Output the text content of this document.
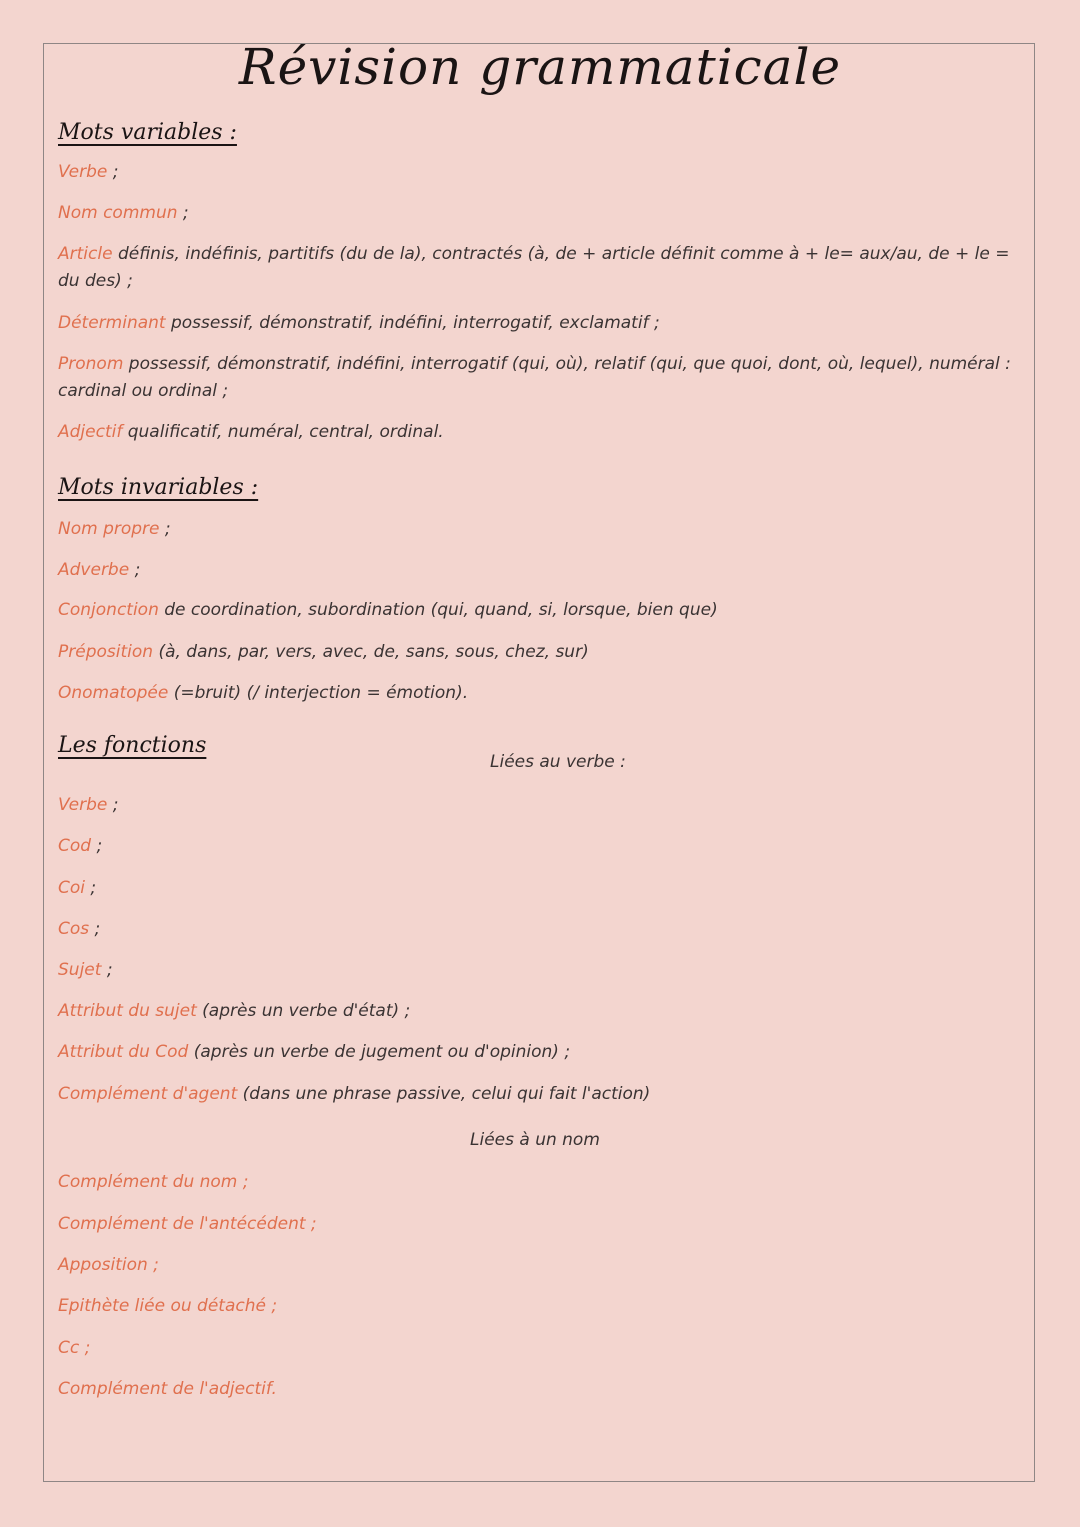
Révision grammaticale
Mots variables :
Verbe ;
Nom commun ;
Article définis, indéfinis, partitifs (du de la), contractés (à, de + article définit comme à + le= aux/au, de + le = du des) ;
Déterminant possessif, démonstratif, indéfini, interrogatif, exclamatif ;
Pronom possessif, démonstratif, indéfini, interrogatif (qui, où), relatif (qui, que quoi, dont, où, lequel), numéral : cardinal ou ordinal ;
Adjectif qualificatif, numéral, central, ordinal.
Mots invariables :
Nom propre ;
Adverbe ;
Conjonction de coordination, subordination (qui, quand, si, lorsque, bien que)
Préposition (à, dans, par, vers, avec, de, sans, sous, chez, sur)
Onomatopée (=bruit) (/ interjection = émotion).
Les fonctions
Liées au verbe :
Verbe ;
Cod ;
Coi ;
Cos ;
Sujet ;
Attribut du sujet (après un verbe d'état) ;
Attribut du Cod (après un verbe de jugement ou d'opinion) ;
Complément d'agent (dans une phrase passive, celui qui fait l'action)
Liées à un nom
Complément du nom ;
Complément de l'antécédent ;
Apposition ;
Epithète liée ou détaché ;
Cc ;
Complément de l'adjectif.
